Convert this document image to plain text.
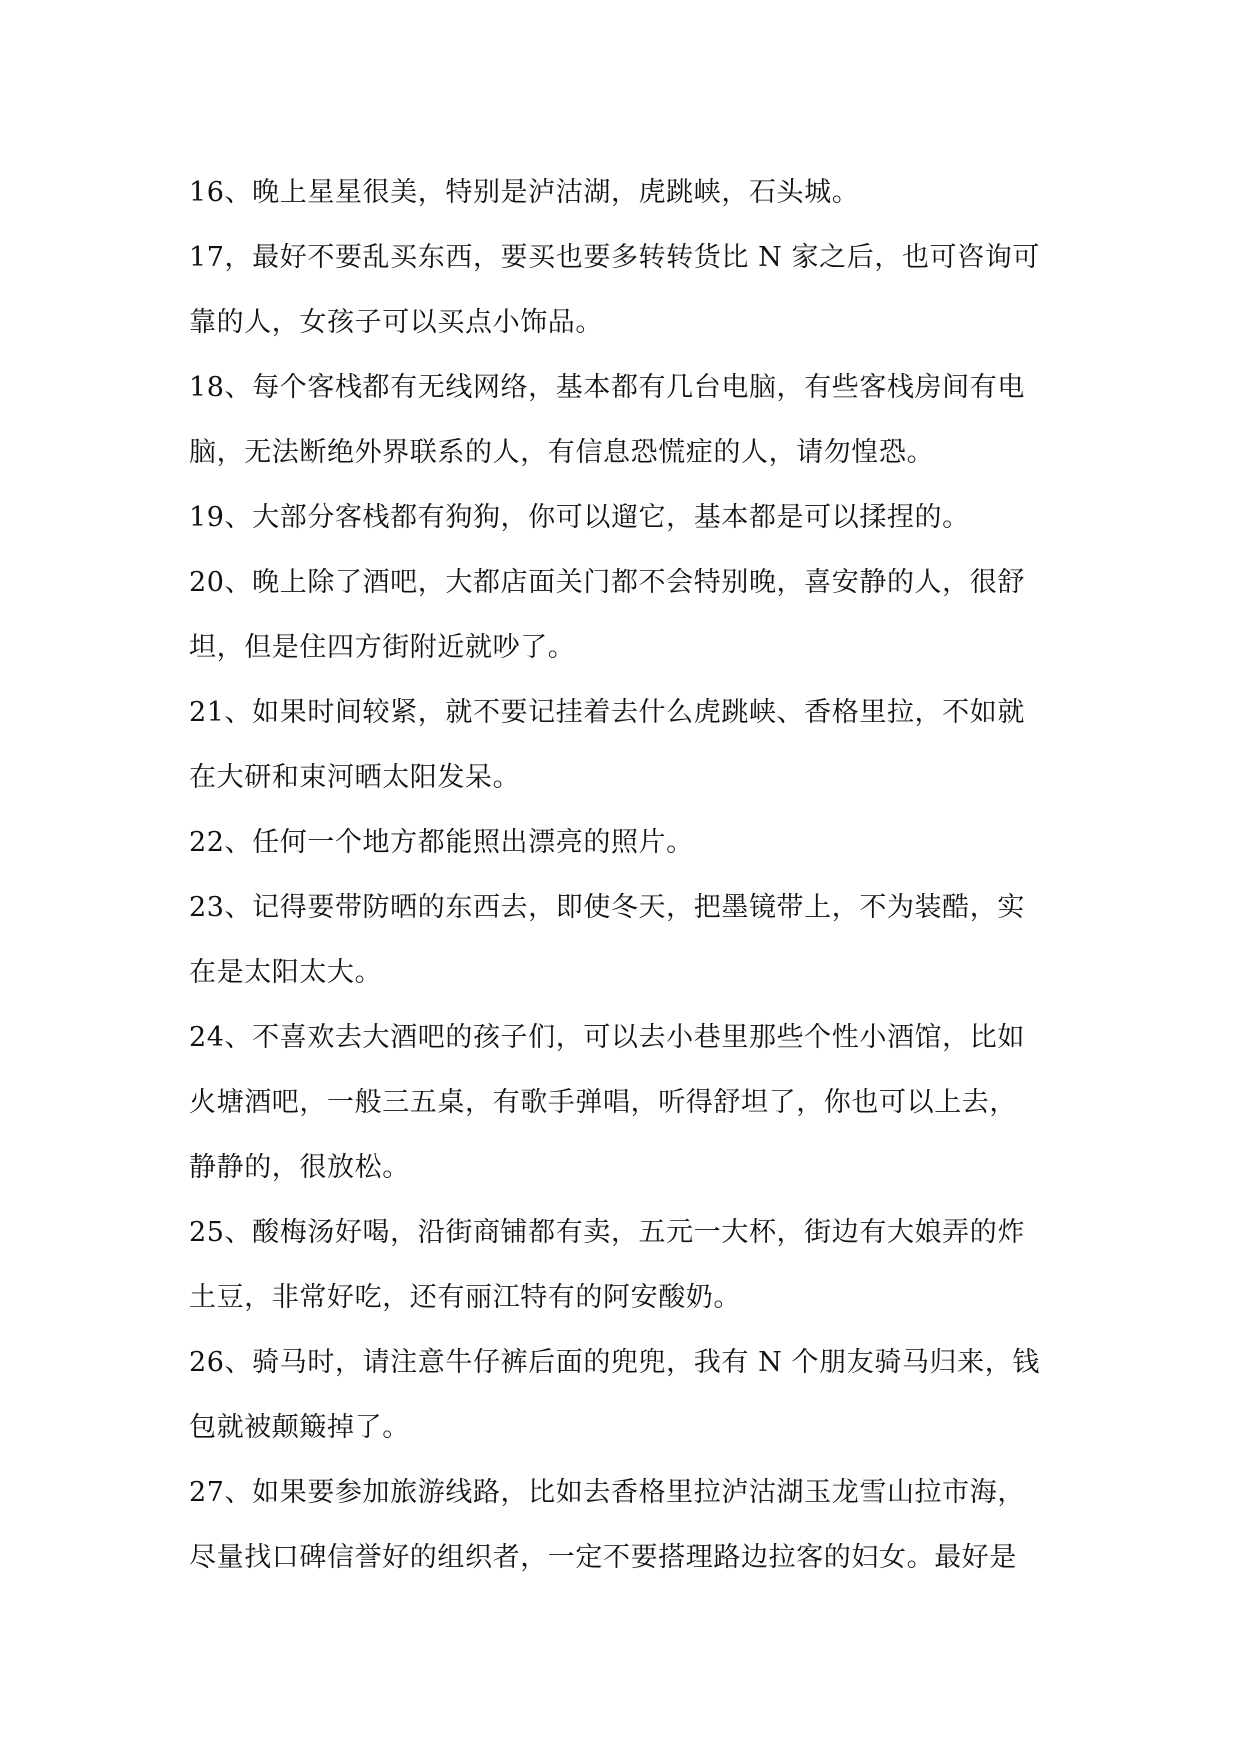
16、晚上星星很美，特别是泸沽湖，虎跳峡，石头城。
17，最好不要乱买东西，要买也要多转转货比 N 家之后，也可咨询可
靠的人，女孩子可以买点小饰品。
18、每个客栈都有无线网络，基本都有几台电脑，有些客栈房间有电
脑，无法断绝外界联系的人，有信息恐慌症的人，请勿惶恐。
19、大部分客栈都有狗狗，你可以遛它，基本都是可以揉捏的。
20、晚上除了酒吧，大都店面关门都不会特别晚，喜安静的人，很舒
坦，但是住四方街附近就吵了。
21、如果时间较紧，就不要记挂着去什么虎跳峡、香格里拉，不如就
在大研和束河晒太阳发呆。
22、任何一个地方都能照出漂亮的照片。
23、记得要带防晒的东西去，即使冬天，把墨镜带上，不为装酷，实
在是太阳太大。
24、不喜欢去大酒吧的孩子们，可以去小巷里那些个性小酒馆，比如
火塘酒吧，一般三五桌，有歌手弹唱，听得舒坦了，你也可以上去，
静静的，很放松。
25、酸梅汤好喝，沿街商铺都有卖，五元一大杯，街边有大娘弄的炸
土豆，非常好吃，还有丽江特有的阿安酸奶。
26、骑马时，请注意牛仔裤后面的兜兜，我有 N 个朋友骑马归来，钱
包就被颠簸掉了。
27、如果要参加旅游线路，比如去香格里拉泸沽湖玉龙雪山拉市海，
尽量找口碑信誉好的组织者，一定不要搭理路边拉客的妇女。最好是
